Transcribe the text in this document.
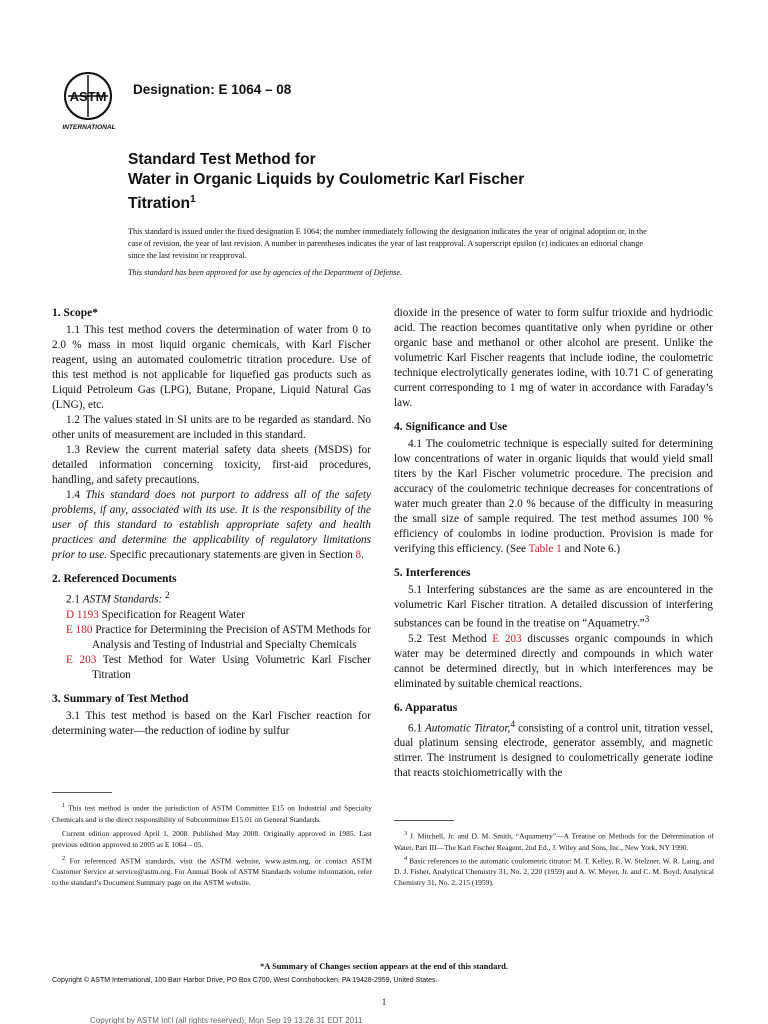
ASTM
INTERNATIONAL
Designation: E 1064 – 08
Standard Test Method for
Water in Organic Liquids by Coulometric Karl Fischer
Titration$^1$
This standard is issued under the fixed designation E 1064; the number immediately following the designation indicates the year of original adoption or, in the case of revision, the year of last revision. A number in parentheses indicates the year of last reapproval. A superscript epsilon (ε) indicates an editorial change since the last revision or reapproval.
This standard has been approved for use by agencies of the Department of Defense.
1. Scope*

1.1 This test method covers the determination of water from 0 to 2.0 % mass in most liquid organic chemicals, with Karl Fischer reagent, using an automated coulometric titration procedure. Use of this test method is not applicable for liquefied gas products such as Liquid Petroleum Gas (LPG), Butane, Propane, Liquid Natural Gas (LNG), etc.

1.2 The values stated in SI units are to be regarded as standard. No other units of measurement are included in this standard.

1.3 Review the current material safety data sheets (MSDS) for detailed information concerning toxicity, first-aid procedures, handling, and safety precautions.

1.4 This standard does not purport to address all of the safety problems, if any, associated with its use. It is the responsibility of the user of this standard to establish appropriate safety and health practices and determine the applicability of regulatory limitations prior to use. Specific precautionary statements are given in Section 8.

2. Referenced Documents

2.1 ASTM Standards: $^2$

D 1193 Specification for Reagent Water

E 180 Practice for Determining the Precision of ASTM Methods for Analysis and Testing of Industrial and Specialty Chemicals

E 203 Test Method for Water Using Volumetric Karl Fischer Titration

3. Summary of Test Method

3.1 This test method is based on the Karl Fischer reaction for determining water—the reduction of iodine by sulfur

dioxide in the presence of water to form sulfur trioxide and hydriodic acid. The reaction becomes quantitative only when pyridine or other organic base and methanol or other alcohol are present. Unlike the volumetric Karl Fischer reagents that include iodine, the coulometric technique electrolytically generates iodine, with 10.71 C of generating current corresponding to 1 mg of water in accordance with Faraday’s law.

4. Significance and Use

4.1 The coulometric technique is especially suited for determining low concentrations of water in organic liquids that would yield small titers by the Karl Fischer volumetric procedure. The precision and accuracy of the coulometric technique decreases for concentrations of water much greater than 2.0 % because of the difficulty in measuring the small size of sample required. The test method assumes 100 % efficiency of coulombs in iodine production. Provision is made for verifying this efficiency. (See Table 1 and Note 6.)

5. Interferences

5.1 Interfering substances are the same as are encountered in the volumetric Karl Fischer titration. A detailed discussion of interfering substances can be found in the treatise on “Aquametry.”$^3$

5.2 Test Method E 203 discusses organic compounds in which water may be determined directly and compounds in which water cannot be determined directly, but in which interferences may be eliminated by suitable chemical reactions.

6. Apparatus

6.1 Automatic Titrator,$^4$ consisting of a control unit, titration vessel, dual platinum sensing electrode, generator assembly, and magnetic stirrer. The instrument is designed to coulometrically generate iodine that reacts stoichiometrically with the

$^1$ This test method is under the jurisdiction of ASTM Committee E15 on Industrial and Specialty Chemicals and is the direct responsibility of Subcommittee E15.01 on General Standards.

Current edition approved April 1, 2008. Published May 2008. Originally approved in 1985. Last previous edition approved in 2005 as E 1064 – 05.

$^2$ For referenced ASTM standards, visit the ASTM website, www.astm.org, or contact ASTM Customer Service at service@astm.org. For Annual Book of ASTM Standards volume information, refer to the standard’s Document Summary page on the ASTM website.

$^3$ J. Mitchell, Jr. and D. M. Smith, “Aquametry”—A Treatise on Methods for the Determination of Water, Part III—The Karl Fischer Reagent, 2nd Ed., J. Wiley and Sons, Inc., New York, NY 1990.

$^4$ Basic references to the automatic coulometric titrator: M. T. Kelley, R. W. Stelzner, W. R. Laing, and D. J. Fisher, Analytical Chemistry 31, No. 2, 220 (1959) and A. W. Meyer, Jr. and C. M. Boyd, Analytical Chemistry 31, No. 2, 215 (1959).

*A Summary of Changes section appears at the end of this standard.
Copyright © ASTM International, 100 Barr Harbor Drive, PO Box C700, West Conshohocken, PA 19428-2959, United States.
1
Copyright by ASTM Int'l (all rights reserved); Mon Sep 19 13:26:31 EDT 2011
